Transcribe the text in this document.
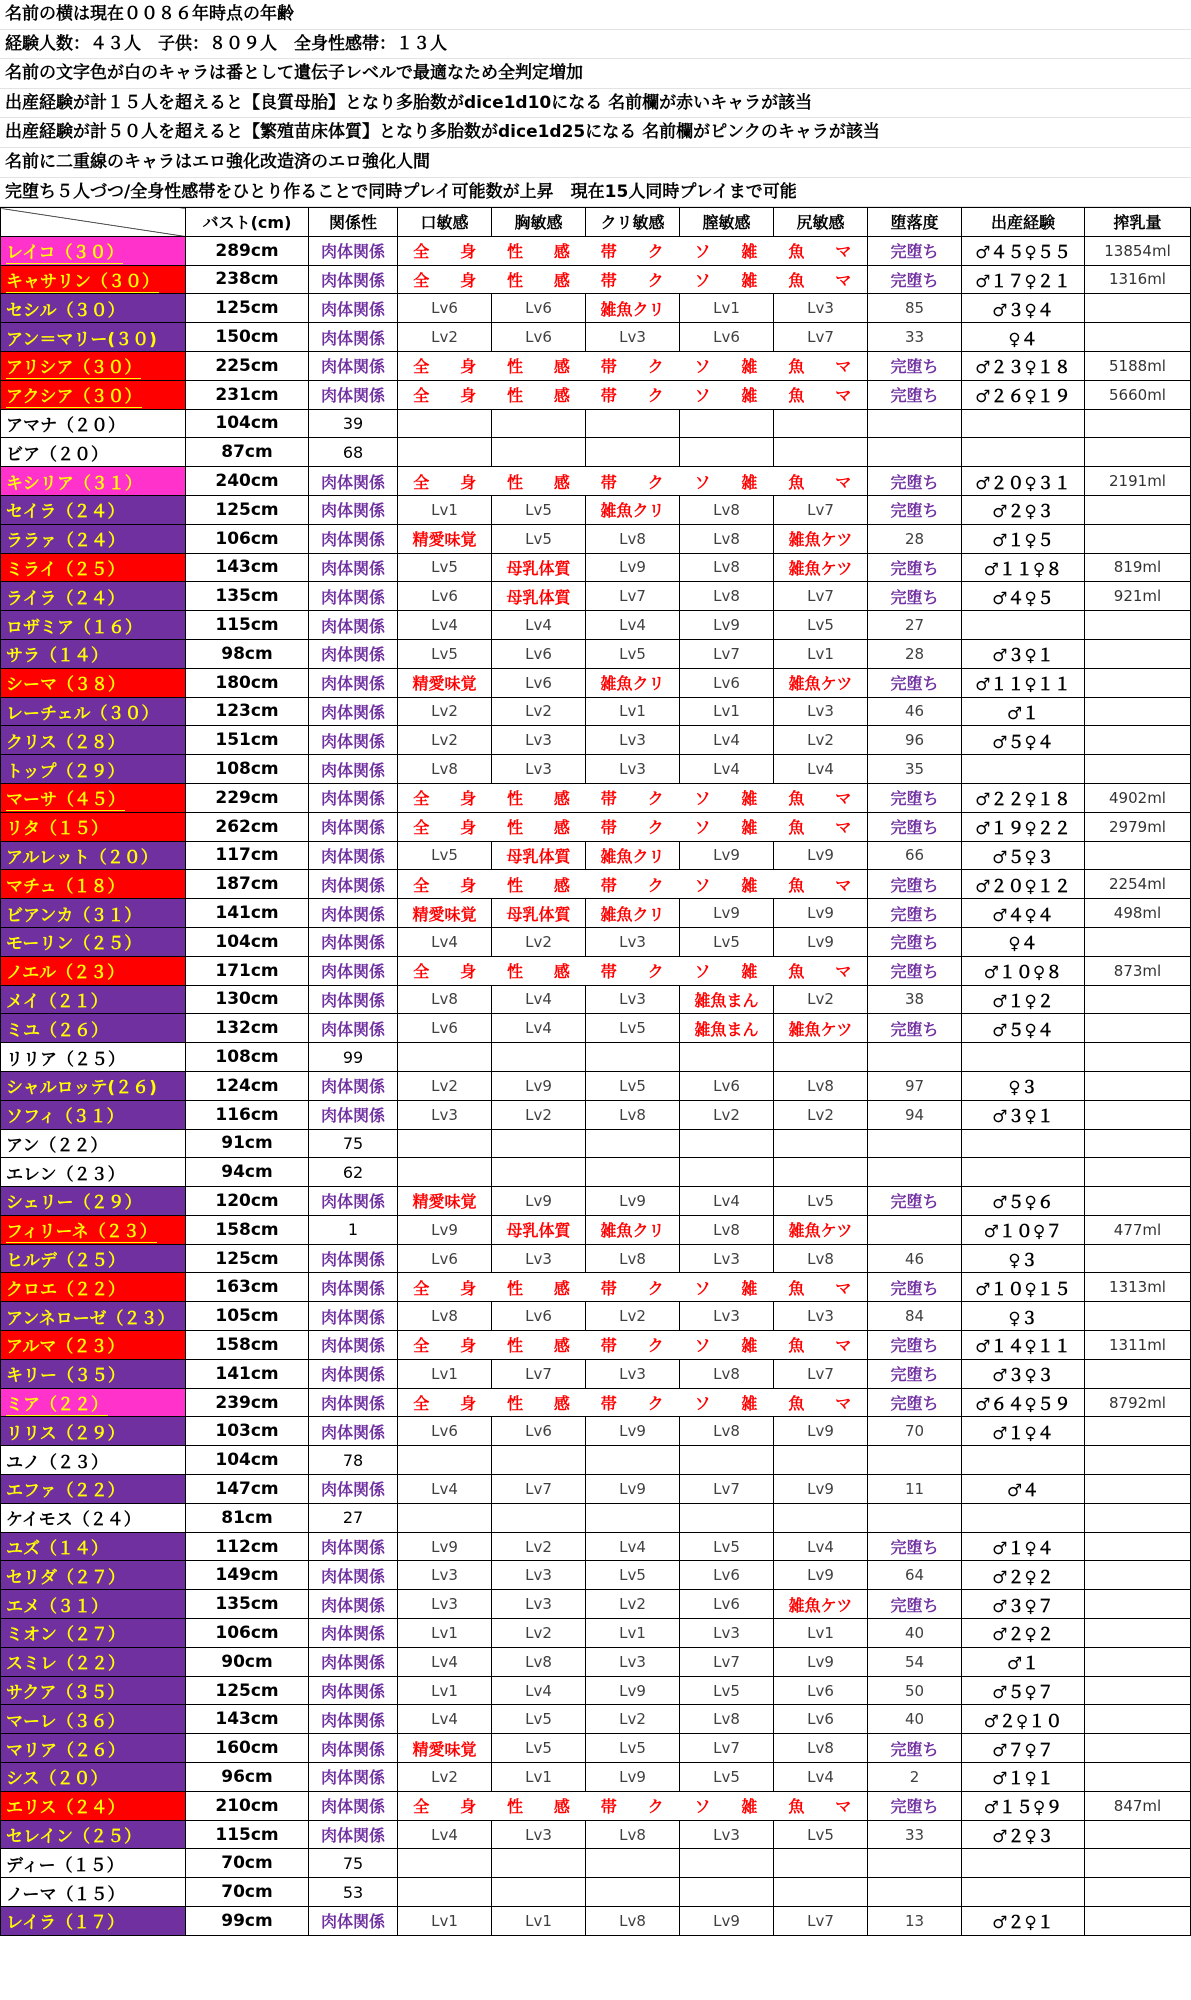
名前の横は現在００８６年時点の年齢
経験人数：４３人　子供：８０９人　全身性感帯：１３人
名前の文字色が白のキャラは番として遺伝子レベルで最適なため全判定増加
出産経験が計１５人を超えると【良質母胎】となり多胎数がdice1d10になる 名前欄が赤いキャラが該当
出産経験が計５０人を超えると【繁殖苗床体質】となり多胎数がdice1d25になる 名前欄がピンクのキャラが該当
名前に二重線のキャラはエロ強化改造済のエロ強化人間
完堕ち５人づつ/全身性感帯をひとり作ることで同時プレイ可能数が上昇　現在15人同時プレイまで可能
	バスト(cm)	関係性	口敏感	胸敏感	クリ敏感	膣敏感	尻敏感	堕落度	出産経験	搾乳量
レイコ（３０）	289cm	肉体関係	全 身 性 感 帯 ク ソ 雑 魚 マ					完堕ち	♂４５♀５５	13854ml
キャサリン（３０）	238cm	肉体関係	全 身 性 感 帯 ク ソ 雑 魚 マ					完堕ち	♂１７♀２１	1316ml
セシル（３０）	125cm	肉体関係	Lv6	Lv6	雑魚クリ	Lv1	Lv3	85	♂３♀４	
アン＝マリー(３０)	150cm	肉体関係	Lv2	Lv6	Lv3	Lv6	Lv7	33	♀４	
アリシア（３０）	225cm	肉体関係	全 身 性 感 帯 ク ソ 雑 魚 マ					完堕ち	♂２３♀１８	5188ml
アクシア（３０）	231cm	肉体関係	全 身 性 感 帯 ク ソ 雑 魚 マ					完堕ち	♂２６♀１９	5660ml
アマナ（２０）	104cm	39								
ビア（２０）	87cm	68								
キシリア（３１）	240cm	肉体関係	全 身 性 感 帯 ク ソ 雑 魚 マ					完堕ち	♂２０♀３１	2191ml
セイラ（２４）	125cm	肉体関係	Lv1	Lv5	雑魚クリ	Lv8	Lv7	完堕ち	♂２♀３	
ララァ（２４）	106cm	肉体関係	精愛味覚	Lv5	Lv8	Lv8	雑魚ケツ	28	♂１♀５	
ミライ（２５）	143cm	肉体関係	Lv5	母乳体質	Lv9	Lv8	雑魚ケツ	完堕ち	♂１１♀８	819ml
ライラ（２４）	135cm	肉体関係	Lv6	母乳体質	Lv7	Lv8	Lv7	完堕ち	♂４♀５	921ml
ロザミア（１６）	115cm	肉体関係	Lv4	Lv4	Lv4	Lv9	Lv5	27		
サラ（１４）	98cm	肉体関係	Lv5	Lv6	Lv5	Lv7	Lv1	28	♂３♀１	
シーマ（３８）	180cm	肉体関係	精愛味覚	Lv6	雑魚クリ	Lv6	雑魚ケツ	完堕ち	♂１１♀１１	
レーチェル（３０）	123cm	肉体関係	Lv2	Lv2	Lv1	Lv1	Lv3	46	♂１	
クリス（２８）	151cm	肉体関係	Lv2	Lv3	Lv3	Lv4	Lv2	96	♂５♀４	
トップ（２９）	108cm	肉体関係	Lv8	Lv3	Lv3	Lv4	Lv4	35		
マーサ（４５）	229cm	肉体関係	全 身 性 感 帯 ク ソ 雑 魚 マ					完堕ち	♂２２♀１８	4902ml
リタ（１５）	262cm	肉体関係	全 身 性 感 帯 ク ソ 雑 魚 マ					完堕ち	♂１９♀２２	2979ml
アルレット（２０）	117cm	肉体関係	Lv5	母乳体質	雑魚クリ	Lv9	Lv9	66	♂５♀３	
マチュ（１８）	187cm	肉体関係	全 身 性 感 帯 ク ソ 雑 魚 マ					完堕ち	♂２０♀１２	2254ml
ビアンカ（３１）	141cm	肉体関係	精愛味覚	母乳体質	雑魚クリ	Lv9	Lv9	完堕ち	♂４♀４	498ml
モーリン（２５）	104cm	肉体関係	Lv4	Lv2	Lv3	Lv5	Lv9	完堕ち	♀４	
ノエル（２３）	171cm	肉体関係	全 身 性 感 帯 ク ソ 雑 魚 マ					完堕ち	♂１０♀８	873ml
メイ（２１）	130cm	肉体関係	Lv8	Lv4	Lv3	雑魚まん	Lv2	38	♂１♀２	
ミユ（２６）	132cm	肉体関係	Lv6	Lv4	Lv5	雑魚まん	雑魚ケツ	完堕ち	♂５♀４	
リリア（２５）	108cm	99								
シャルロッテ(２６)	124cm	肉体関係	Lv2	Lv9	Lv5	Lv6	Lv8	97	♀３	
ソフィ（３１）	116cm	肉体関係	Lv3	Lv2	Lv8	Lv2	Lv2	94	♂３♀１	
アン（２２）	91cm	75								
エレン（２３）	94cm	62								
シェリー（２９）	120cm	肉体関係	精愛味覚	Lv9	Lv9	Lv4	Lv5	完堕ち	♂５♀６	
フィリーネ（２３）	158cm	1	Lv9	母乳体質	雑魚クリ	Lv8	雑魚ケツ		♂１０♀７	477ml
ヒルデ（２５）	125cm	肉体関係	Lv6	Lv3	Lv8	Lv3	Lv8	46	♀３	
クロエ（２２）	163cm	肉体関係	全 身 性 感 帯 ク ソ 雑 魚 マ					完堕ち	♂１０♀１５	1313ml
アンネローゼ（２３）	105cm	肉体関係	Lv8	Lv6	Lv2	Lv3	Lv3	84	♀３	
アルマ（２３）	158cm	肉体関係	全 身 性 感 帯 ク ソ 雑 魚 マ					完堕ち	♂１４♀１１	1311ml
キリー（３５）	141cm	肉体関係	Lv1	Lv7	Lv3	Lv8	Lv7	完堕ち	♂３♀３	
ミア（２２）	239cm	肉体関係	全 身 性 感 帯 ク ソ 雑 魚 マ					完堕ち	♂６４♀５９	8792ml
リリス（２９）	103cm	肉体関係	Lv6	Lv6	Lv9	Lv8	Lv9	70	♂１♀４	
ユノ（２３）	104cm	78								
エファ（２２）	147cm	肉体関係	Lv4	Lv7	Lv9	Lv7	Lv9	11	♂４	
ケイモス（２４）	81cm	27								
ユズ（１４）	112cm	肉体関係	Lv9	Lv2	Lv4	Lv5	Lv4	完堕ち	♂１♀４	
セリダ（２７）	149cm	肉体関係	Lv3	Lv3	Lv5	Lv6	Lv9	64	♂２♀２	
エメ（３１）	135cm	肉体関係	Lv3	Lv3	Lv2	Lv6	雑魚ケツ	完堕ち	♂３♀７	
ミオン（２７）	106cm	肉体関係	Lv1	Lv2	Lv1	Lv3	Lv1	40	♂２♀２	
スミレ（２２）	90cm	肉体関係	Lv4	Lv8	Lv3	Lv7	Lv9	54	♂１	
サクア（３５）	125cm	肉体関係	Lv1	Lv4	Lv9	Lv5	Lv6	50	♂５♀７	
マーレ（３６）	143cm	肉体関係	Lv4	Lv5	Lv2	Lv8	Lv6	40	♂２♀１０	
マリア（２６）	160cm	肉体関係	精愛味覚	Lv5	Lv5	Lv7	Lv8	完堕ち	♂７♀７	
シス（２０）	96cm	肉体関係	Lv2	Lv1	Lv9	Lv5	Lv4	2	♂１♀１	
エリス（２４）	210cm	肉体関係	全 身 性 感 帯 ク ソ 雑 魚 マ					完堕ち	♂１５♀９	847ml
セレイン（２５）	115cm	肉体関係	Lv4	Lv3	Lv8	Lv3	Lv5	33	♂２♀３	
ディー（１５）	70cm	75								
ノーマ（１５）	70cm	53								
レイラ（１７）	99cm	肉体関係	Lv1	Lv1	Lv8	Lv9	Lv7	13	♂２♀１	
